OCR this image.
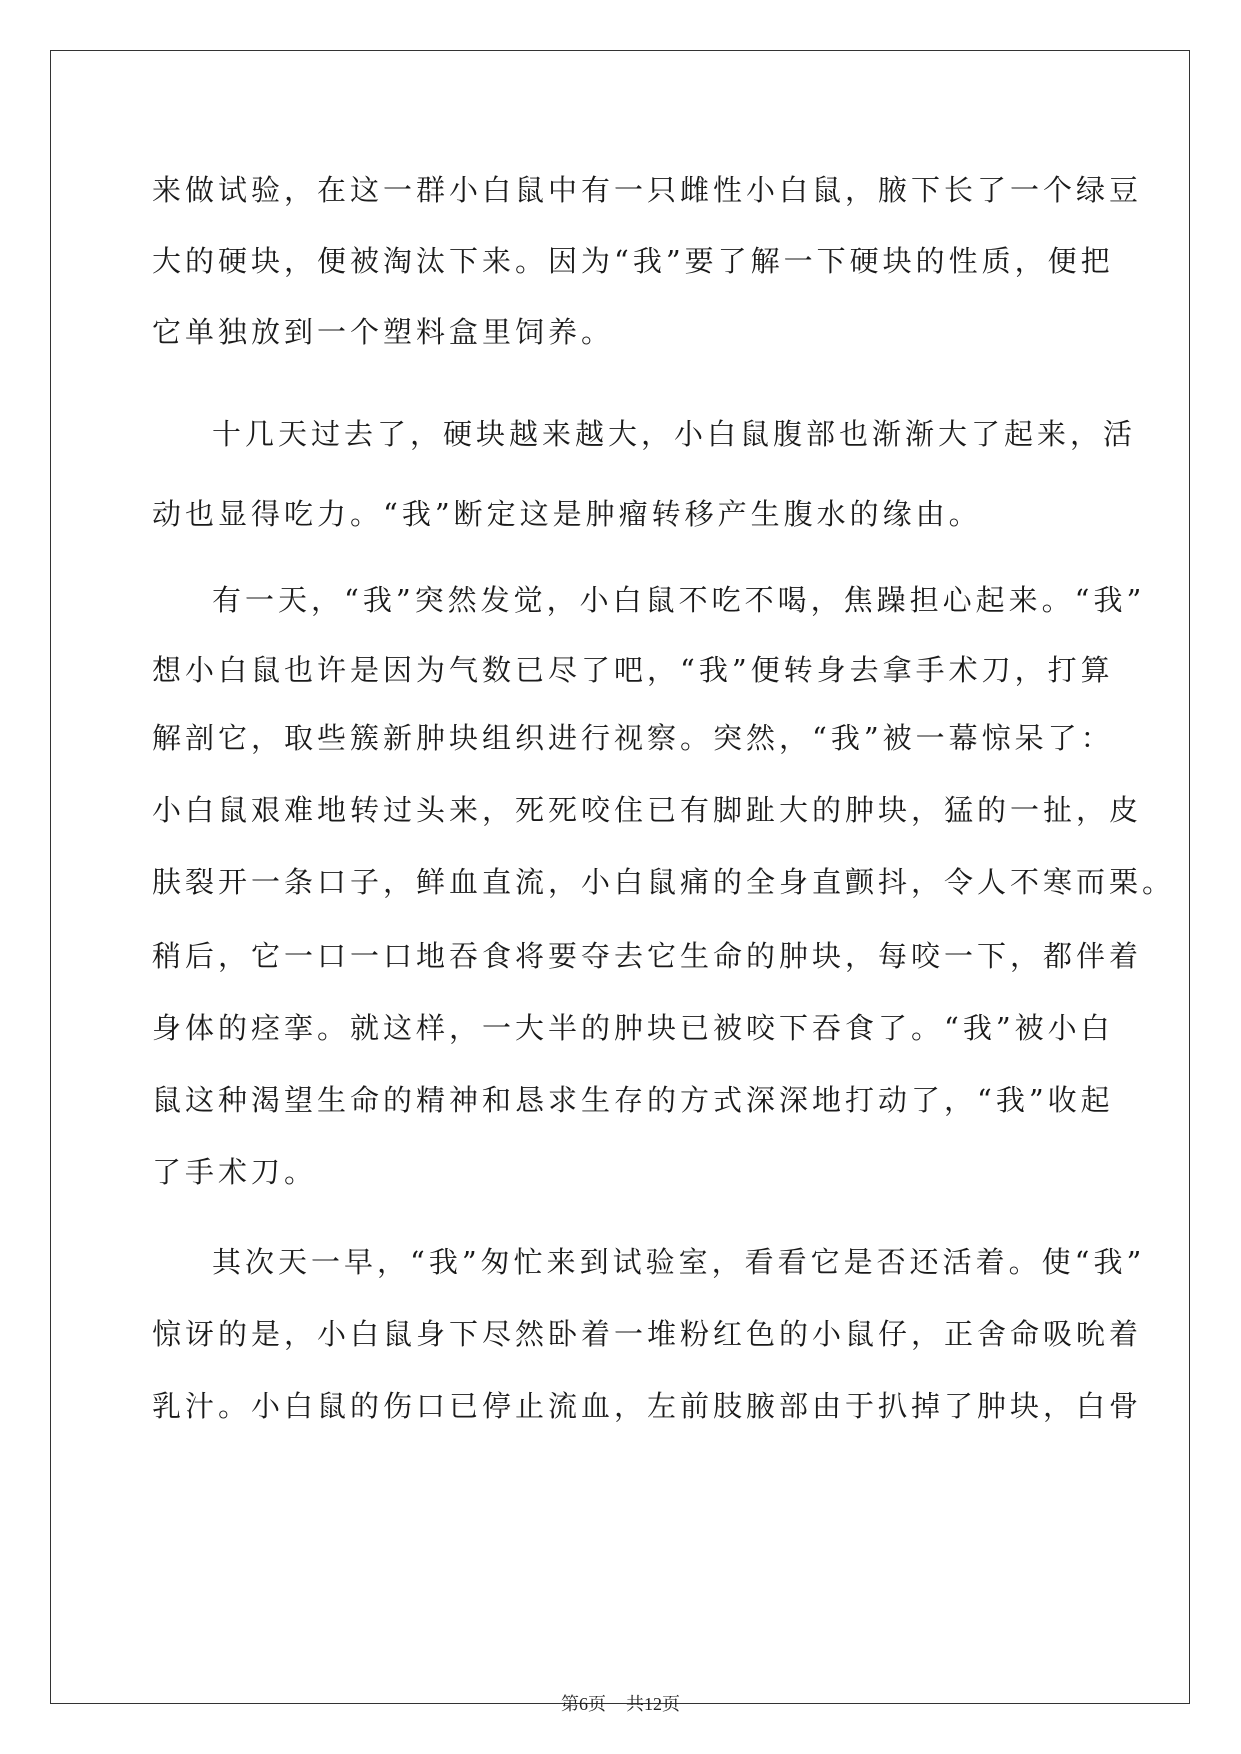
来做试验，在这一群小白鼠中有一只雌性小白鼠，腋下长了一个绿豆

大的硬块，便被淘汰下来。因为“我”要了解一下硬块的性质，便把

它单独放到一个塑料盒里饲养。

十几天过去了，硬块越来越大，小白鼠腹部也渐渐大了起来，活

动也显得吃力。“我”断定这是肿瘤转移产生腹水的缘由。

有一天，“我”突然发觉，小白鼠不吃不喝，焦躁担心起来。“我”

想小白鼠也许是因为气数已尽了吧，“我”便转身去拿手术刀，打算

解剖它，取些簇新肿块组织进行视察。突然，“我”被一幕惊呆了：

小白鼠艰难地转过头来，死死咬住已有脚趾大的肿块，猛的一扯，皮

肤裂开一条口子，鲜血直流，小白鼠痛的全身直颤抖，令人不寒而栗。

稍后，它一口一口地吞食将要夺去它生命的肿块，每咬一下，都伴着

身体的痉挛。就这样，一大半的肿块已被咬下吞食了。“我”被小白

鼠这种渴望生命的精神和恳求生存的方式深深地打动了，“我”收起

了手术刀。

其次天一早，“我”匆忙来到试验室，看看它是否还活着。使“我”

惊讶的是，小白鼠身下尽然卧着一堆粉红色的小鼠仔，正舍命吸吮着

乳汁。小白鼠的伤口已停止流血，左前肢腋部由于扒掉了肿块，白骨

第6页 共12页
